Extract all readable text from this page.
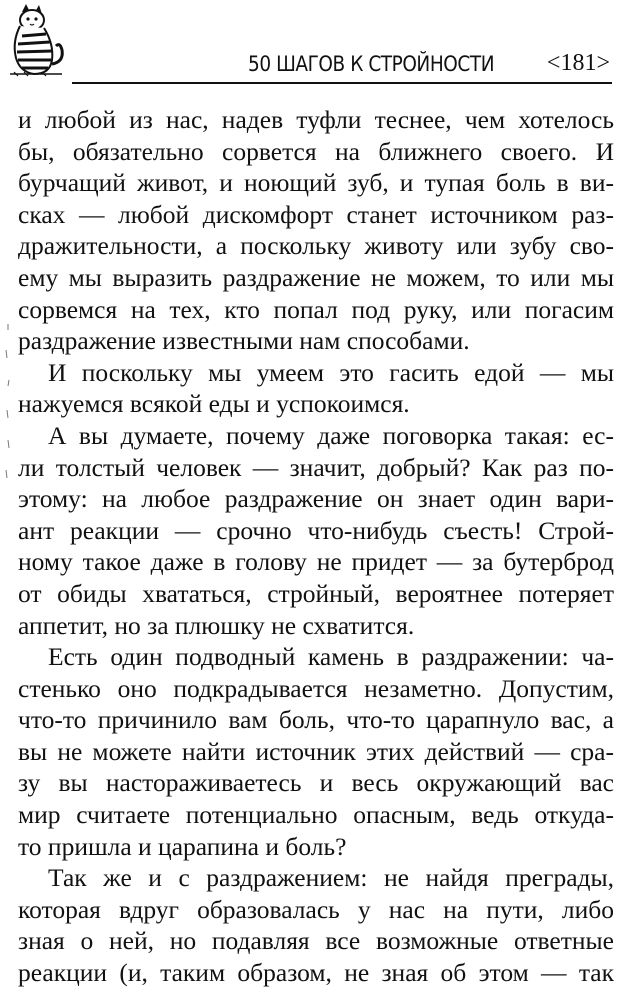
50 ШАГОВ К СТРОЙНОСТИ <181>
и любой из нас, надев туфли теснее, чем хотелось
бы, обязательно сорвется на ближнего своего. И
бурчащий живот, и ноющий зуб, и тупая боль в ви-
сках — любой дискомфорт станет источником раз-
дражительности, а поскольку животу или зубу сво-
ему мы выразить раздражение не можем, то или мы
сорвемся на тех, кто попал под руку, или погасим
раздражение известными нам способами.
И поскольку мы умеем это гасить едой — мы
нажуемся всякой еды и успокоимся.
А вы думаете, почему даже поговорка такая: ес-
ли толстый человек — значит, добрый? Как раз по-
этому: на любое раздражение он знает один вари-
ант реакции — срочно что-нибудь съесть! Строй-
ному такое даже в голову не придет — за бутерброд
от обиды хвататься, стройный, вероятнее потеряет
аппетит, но за плюшку не схватится.
Есть один подводный камень в раздражении: ча-
стенько оно подкрадывается незаметно. Допустим,
что-то причинило вам боль, что-то царапнуло вас, а
вы не можете найти источник этих действий — сра-
зу вы настораживаетесь и весь окружающий вас
мир считаете потенциально опасным, ведь откуда-
то пришла и царапина и боль?
Так же и с раздражением: не найдя преграды,
которая вдруг образовалась у нас на пути, либо
зная о ней, но подавляя все возможные ответные
реакции (и, таким образом, не зная об этом — так
